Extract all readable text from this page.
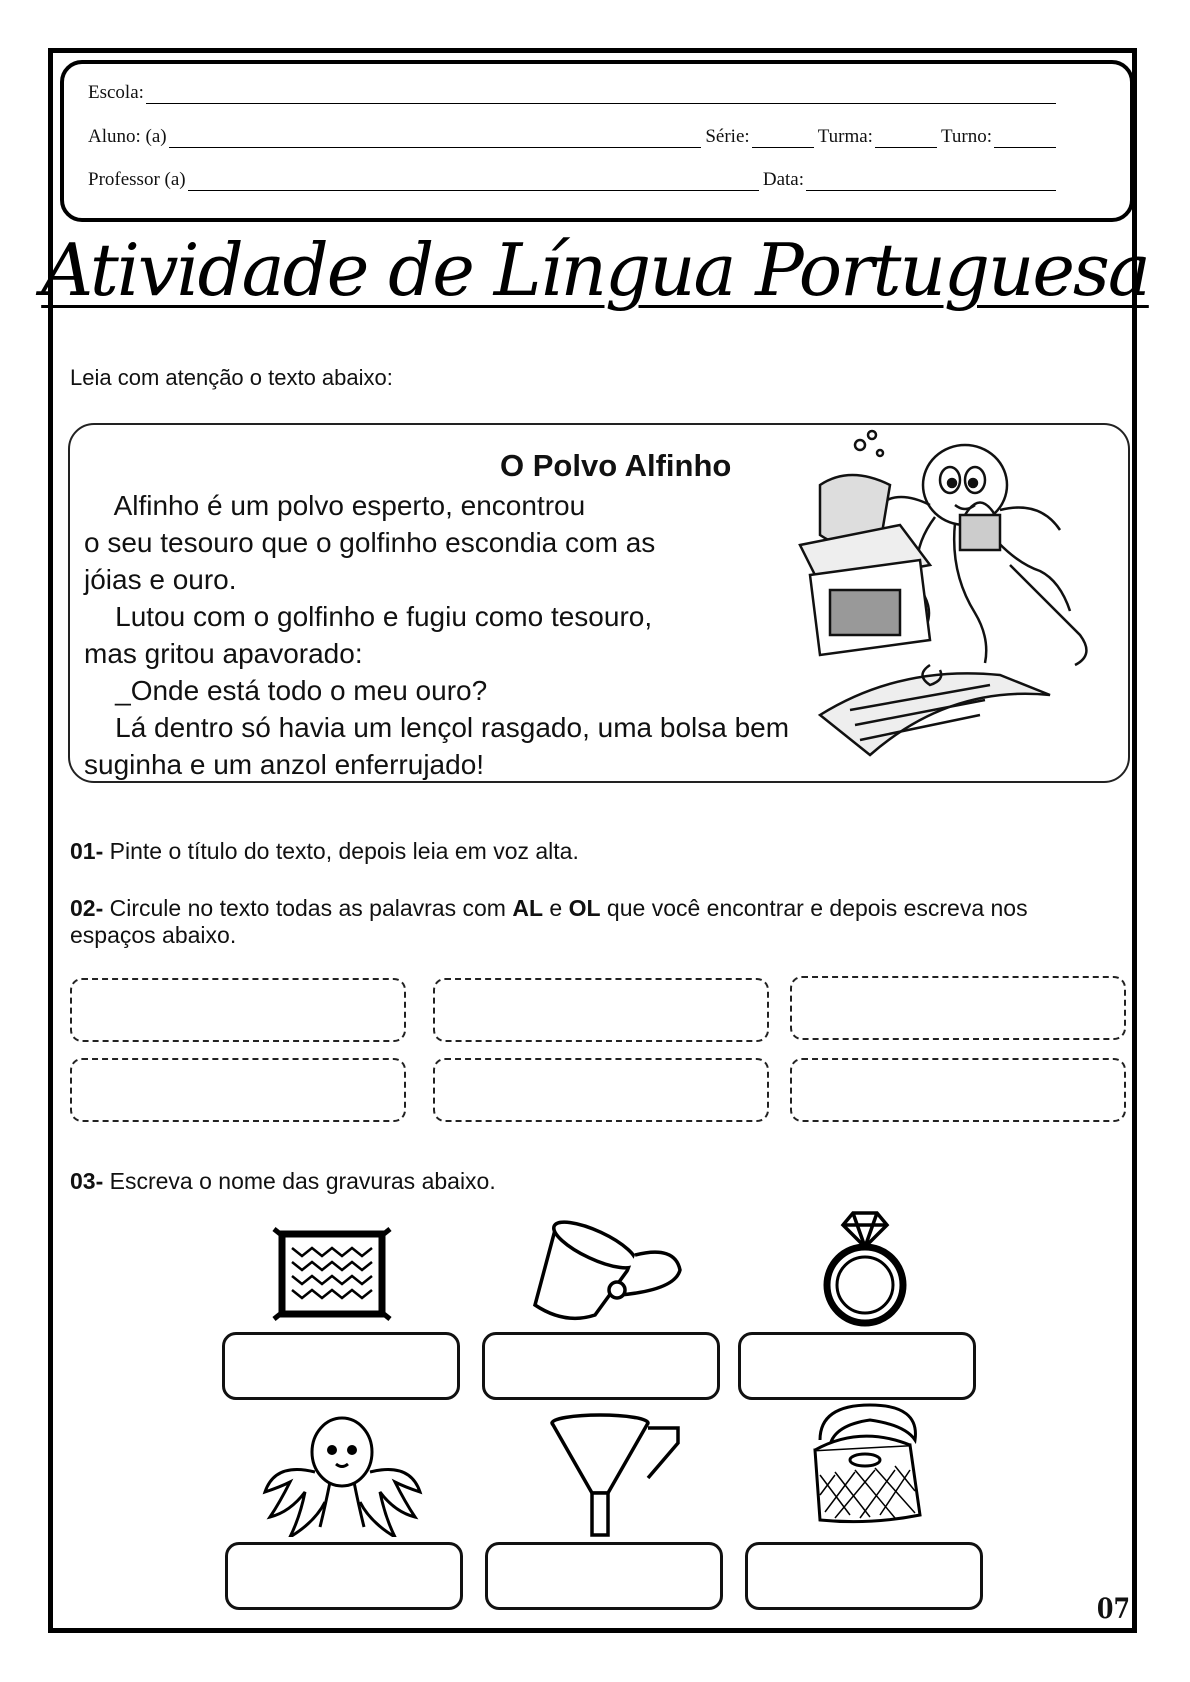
Escola:
Aluno: (a)	Série:	Turma:	Turno:
Professor (a)	Data:
Atividade de Língua Portuguesa
Leia com atenção o texto abaixo:
O Polvo Alfinho

Alfinho é um polvo esperto, encontrou

o seu tesouro que o golfinho escondia com as

jóias e ouro.

Lutou com o golfinho e fugiu como tesouro,

mas gritou apavorado:

_Onde está todo o meu ouro?

Lá dentro só havia um lençol rasgado, uma bolsa bem

suginha e um anzol enferrujado!

01- Pinte o título do texto, depois leia em voz alta.
02- Circule no texto todas as palavras com AL e OL que você encontrar e depois escreva nos espaços abaixo.
03- Escreva o nome das gravuras abaixo.
07
